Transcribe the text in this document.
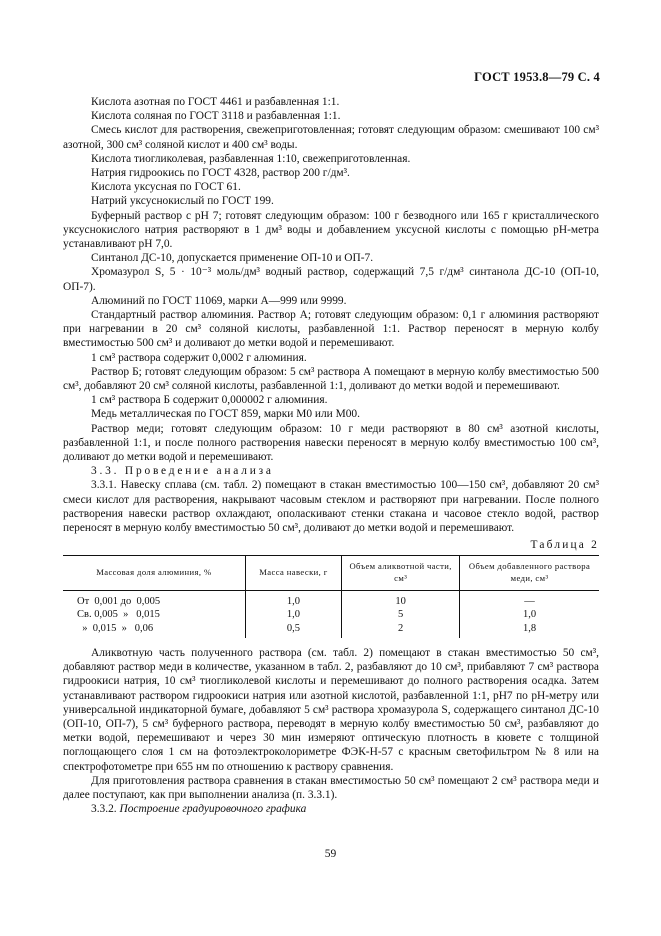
ГОСТ 1953.8—79 С. 4

Кислота азотная по ГОСТ 4461 и разбавленная 1:1.

Кислота соляная по ГОСТ 3118 и разбавленная 1:1.

Смесь кислот для растворения, свежеприготовленная; готовят следующим образом: смешивают 100 см³ азотной, 300 см³ соляной кислот и 400 см³ воды.

Кислота тиогликолевая, разбавленная 1:10, свежеприготовленная.

Натрия гидроокись по ГОСТ 4328, раствор 200 г/дм³.

Кислота уксусная по ГОСТ 61.

Натрий уксуснокислый по ГОСТ 199.

Буферный раствор с рН 7; готовят следующим образом: 100 г безводного или 165 г кристаллического уксуснокислого натрия растворяют в 1 дм³ воды и добавлением уксусной кислоты с помощью рН-метра устанавливают рН 7,0.

Синтанол ДС-10, допускается применение ОП-10 и ОП-7.

Хромазурол S, 5 · 10⁻³ моль/дм³ водный раствор, содержащий 7,5 г/дм³ синтанола ДС-10 (ОП-10, ОП-7).

Алюминий по ГОСТ 11069, марки А—999 или 9999.

Стандартный раствор алюминия. Раствор А; готовят следующим образом: 0,1 г алюминия растворяют при нагревании в 20 см³ соляной кислоты, разбавленной 1:1. Раствор переносят в мерную колбу вместимостью 500 см³ и доливают до метки водой и перемешивают.

1 см³ раствора содержит 0,0002 г алюминия.

Раствор Б; готовят следующим образом: 5 см³ раствора А помещают в мерную колбу вместимостью 500 см³, добавляют 20 см³ соляной кислоты, разбавленной 1:1, доливают до метки водой и перемешивают.

1 см³ раствора Б содержит 0,000002 г алюминия.

Медь металлическая по ГОСТ 859, марки М0 или М00.

Раствор меди; готовят следующим образом: 10 г меди растворяют в 80 см³ азотной кислоты, разбавленной 1:1, и после полного растворения навески переносят в мерную колбу вместимостью 100 см³, доливают до метки водой и перемешивают.

3.3. Проведение анализа

3.3.1. Навеску сплава (см. табл. 2) помещают в стакан вместимостью 100—150 см³, добавляют 20 см³ смеси кислот для растворения, накрывают часовым стеклом и растворяют при нагревании. После полного растворения навески раствор охлаждают, ополаскивают стенки стакана и часовое стекло водой, раствор переносят в мерную колбу вместимостью 50 см³, доливают до метки водой и перемешивают.

Таблица 2
Массовая доля алюминия, %	Масса навески, г	Объем аликвотной части, см³	Объем добавленного раствора меди, см³
От  0,001 до  0,005	1,0	10	—
Св. 0,005  »   0,015	1,0	5	1,0
»  0,015  »   0,06	0,5	2	1,8

Аликвотную часть полученного раствора (см. табл. 2) помещают в стакан вместимостью 50 см³, добавляют раствор меди в количестве, указанном в табл. 2, разбавляют до 10 см³, прибавляют 7 см³ раствора гидроокиси натрия, 10 см³ тиогликолевой кислоты и перемешивают до полного растворения осадка. Затем устанавливают раствором гидроокиси натрия или азотной кислотой, разбавленной 1:1, рН7 по рН-метру или универсальной индикаторной бумаге, добавляют 5 см³ раствора хромазурола S, содержащего синтанол ДС-10 (ОП-10, ОП-7), 5 см³ буферного раствора, переводят в мерную колбу вместимостью 50 см³, разбавляют до метки водой, перемешивают и через 30 мин измеряют оптическую плотность в кювете с толщиной поглощающего слоя 1 см на фотоэлектроколориметре ФЭК-Н-57 с красным светофильтром № 8 или на спектрофотометре при 655 нм по отношению к раствору сравнения.

Для приготовления раствора сравнения в стакан вместимостью 50 см³ помещают 2 см³ раствора меди и далее поступают, как при выполнении анализа (п. 3.3.1).

3.3.2. Построение градуировочного графика

59
